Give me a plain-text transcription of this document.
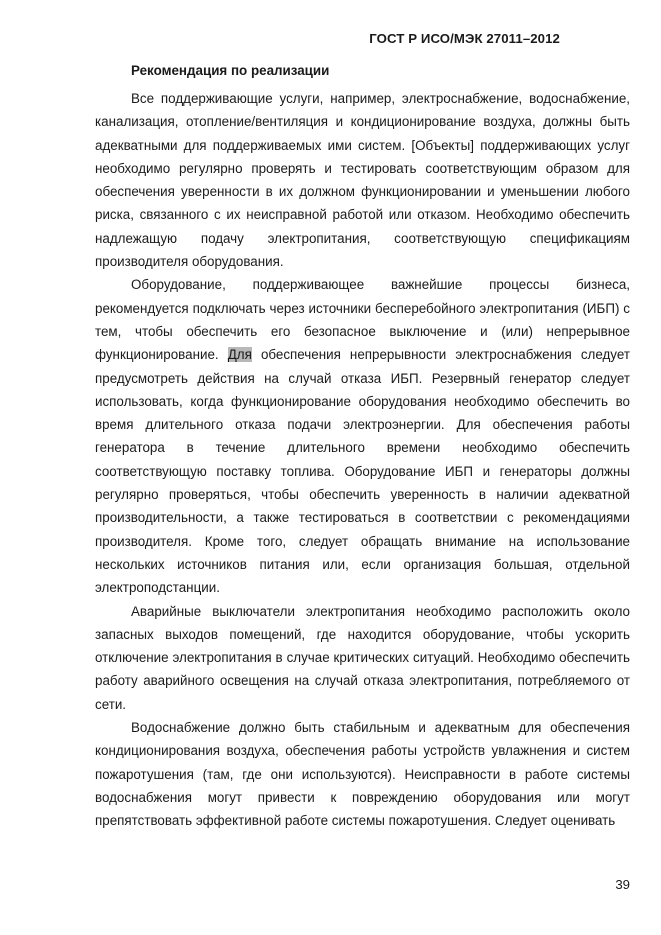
ГОСТ Р ИСО/МЭК 27011–2012
Рекомендация по реализации

Все поддерживающие услуги, например, электроснабжение, водоснабжение, канализация, отопление/вентиляция и кондиционирование воздуха, должны быть адекватными для поддерживаемых ими систем. [Объекты] поддерживающих услуг необходимо регулярно проверять и тестировать соответствующим образом для обеспечения уверенности в их должном функционировании и уменьшении любого риска, связанного с их неисправной работой или отказом. Необходимо обеспечить надлежащую подачу электропитания, соответствующую спецификациям производителя оборудования.

Оборудование, поддерживающее важнейшие процессы бизнеса, рекомендуется подключать через источники бесперебойного электропитания (ИБП) с тем, чтобы обеспечить его безопасное выключение и (или) непрерывное функционирование. Для обеспечения непрерывности электроснабжения следует предусмотреть действия на случай отказа ИБП. Резервный генератор следует использовать, когда функционирование оборудования необходимо обеспечить во время длительного отказа подачи электроэнергии. Для обеспечения работы генератора в течение длительного времени необходимо обеспечить соответствующую поставку топлива. Оборудование ИБП и генераторы должны регулярно проверяться, чтобы обеспечить уверенность в наличии адекватной производительности, а также тестироваться в соответствии с рекомендациями производителя. Кроме того, следует обращать внимание на использование нескольких источников питания или, если организация большая, отдельной электроподстанции.

Аварийные выключатели электропитания необходимо расположить около запасных выходов помещений, где находится оборудование, чтобы ускорить отключение электропитания в случае критических ситуаций. Необходимо обеспечить работу аварийного освещения на случай отказа электропитания, потребляемого от сети.

Водоснабжение должно быть стабильным и адекватным для обеспечения кондиционирования воздуха, обеспечения работы устройств увлажнения и систем пожаротушения (там, где они используются). Неисправности в работе системы водоснабжения могут привести к повреждению оборудования или могут препятствовать эффективной работе системы пожаротушения. Следует оценивать

39
